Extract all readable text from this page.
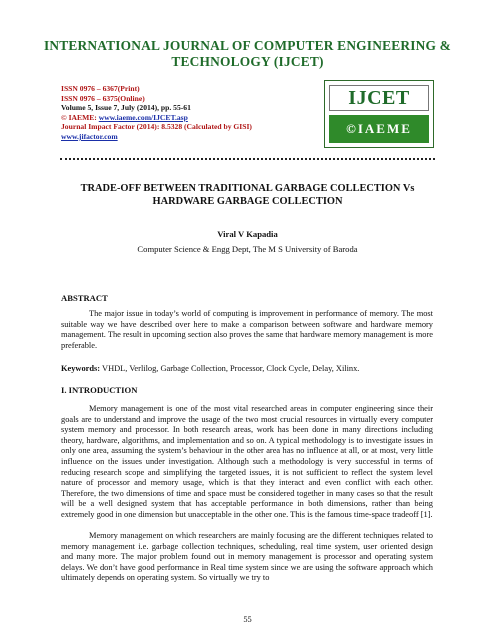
INTERNATIONAL JOURNAL OF COMPUTER ENGINEERING &
TECHNOLOGY (IJCET)
ISSN 0976 – 6367(Print)
ISSN 0976 – 6375(Online)
Volume 5, Issue 7, July (2014), pp. 55-61
© IAEME: www.iaeme.com/IJCET.asp
Journal Impact Factor (2014): 8.5328 (Calculated by GISI)
www.jifactor.com
IJCET
©IAEME
TRADE-OFF BETWEEN TRADITIONAL GARBAGE COLLECTION Vs
HARDWARE GARBAGE COLLECTION
Viral V Kapadia
Computer Science & Engg Dept, The M S University of Baroda
ABSTRACT
The major issue in today’s world of computing is improvement in performance of memory. The most suitable way we have described over here to make a comparison between software and hardware memory management. The result in upcoming section also proves the same that hardware memory management is more preferable.
Keywords: VHDL, Verlilog, Garbage Collection, Processor, Clock Cycle, Delay, Xilinx.
I. INTRODUCTION
Memory management is one of the most vital researched areas in computer engineering since their goals are to understand and improve the usage of the two most crucial resources in virtually every computer system memory and processor. In both research areas, work has been done in many directions including theory, hardware, algorithms, and implementation and so on. A typical methodology is to investigate issues in only one area, assuming the system’s behaviour in the other area has no influence at all, or at most, very little influence on the issues under investigation. Although such a methodology is very successful in terms of reducing research scope and simplifying the targeted issues, it is not sufficient to reflect the system level nature of processor and memory usage, which is that they interact and even conflict with each other. Therefore, the two dimensions of time and space must be considered together in many cases so that the result will be a well designed system that has acceptable performance in both dimensions, rather than being extremely good in one dimension but unacceptable in the other one. This is the famous time-space tradeoff [1].
Memory management on which researchers are mainly focusing are the different techniques related to memory management i.e. garbage collection techniques, scheduling, real time system, user oriented design and many more. The major problem found out in memory management is processor and operating system delays. We don’t have good performance in Real time system since we are using the software approach which ultimately depends on operating system. So virtually we try to
55
